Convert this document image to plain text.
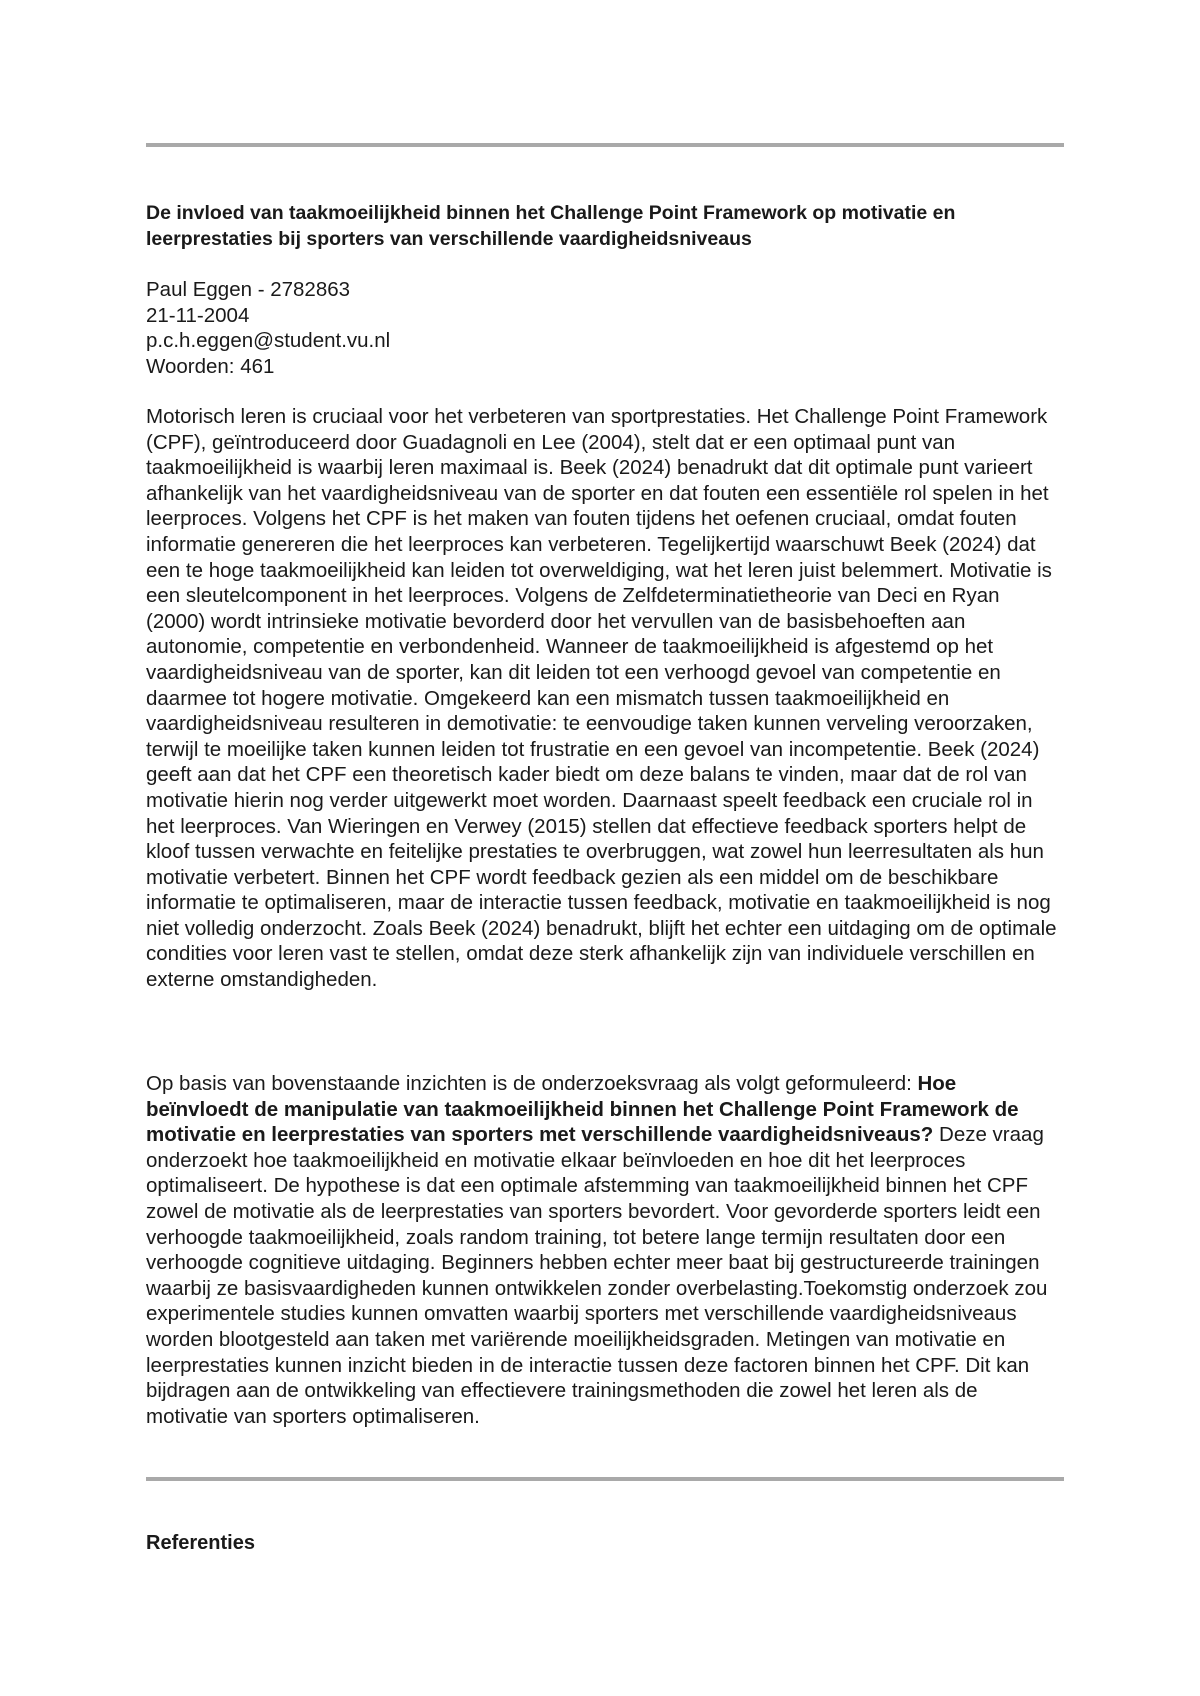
De invloed van taakmoeilijkheid binnen het Challenge Point Framework op motivatie en leerprestaties bij sporters van verschillende vaardigheidsniveaus
Paul Eggen - 2782863
21-11-2004
p.c.h.eggen@student.vu.nl
Woorden: 461

Motorisch leren is cruciaal voor het verbeteren van sportprestaties. Het Challenge Point Framework (CPF), geïntroduceerd door Guadagnoli en Lee (2004), stelt dat er een optimaal punt van taakmoeilijkheid is waarbij leren maximaal is. Beek (2024) benadrukt dat dit optimale punt varieert afhankelijk van het vaardigheidsniveau van de sporter en dat fouten een essentiële rol spelen in het leerproces. Volgens het CPF is het maken van fouten tijdens het oefenen cruciaal, omdat fouten informatie genereren die het leerproces kan verbeteren. Tegelijkertijd waarschuwt Beek (2024) dat een te hoge taakmoeilijkheid kan leiden tot overweldiging, wat het leren juist belemmert. Motivatie is een sleutelcomponent in het leerproces. Volgens de Zelfdeterminatietheorie van Deci en Ryan (2000) wordt intrinsieke motivatie bevorderd door het vervullen van de basisbehoeften aan autonomie, competentie en verbondenheid. Wanneer de taakmoeilijkheid is afgestemd op het vaardigheidsniveau van de sporter, kan dit leiden tot een verhoogd gevoel van competentie en daarmee tot hogere motivatie. Omgekeerd kan een mismatch tussen taakmoeilijkheid en vaardigheidsniveau resulteren in demotivatie: te eenvoudige taken kunnen verveling veroorzaken, terwijl te moeilijke taken kunnen leiden tot frustratie en een gevoel van incompetentie. Beek (2024) geeft aan dat het CPF een theoretisch kader biedt om deze balans te vinden, maar dat de rol van motivatie hierin nog verder uitgewerkt moet worden. Daarnaast speelt feedback een cruciale rol in het leerproces. Van Wieringen en Verwey (2015) stellen dat effectieve feedback sporters helpt de kloof tussen verwachte en feitelijke prestaties te overbruggen, wat zowel hun leerresultaten als hun motivatie verbetert. Binnen het CPF wordt feedback gezien als een middel om de beschikbare informatie te optimaliseren, maar de interactie tussen feedback, motivatie en taakmoeilijkheid is nog niet volledig onderzocht. Zoals Beek (2024) benadrukt, blijft het echter een uitdaging om de optimale condities voor leren vast te stellen, omdat deze sterk afhankelijk zijn van individuele verschillen en externe omstandigheden.

Op basis van bovenstaande inzichten is de onderzoeksvraag als volgt geformuleerd: Hoe beïnvloedt de manipulatie van taakmoeilijkheid binnen het Challenge Point Framework de motivatie en leerprestaties van sporters met verschillende vaardigheidsniveaus? Deze vraag onderzoekt hoe taakmoeilijkheid en motivatie elkaar beïnvloeden en hoe dit het leerproces optimaliseert. De hypothese is dat een optimale afstemming van taakmoeilijkheid binnen het CPF zowel de motivatie als de leerprestaties van sporters bevordert. Voor gevorderde sporters leidt een verhoogde taakmoeilijkheid, zoals random training, tot betere lange termijn resultaten door een verhoogde cognitieve uitdaging. Beginners hebben echter meer baat bij gestructureerde trainingen waarbij ze basisvaardigheden kunnen ontwikkelen zonder overbelasting.Toekomstig onderzoek zou experimentele studies kunnen omvatten waarbij sporters met verschillende vaardigheidsniveaus worden blootgesteld aan taken met variërende moeilijkheidsgraden. Metingen van motivatie en leerprestaties kunnen inzicht bieden in de interactie tussen deze factoren binnen het CPF. Dit kan bijdragen aan de ontwikkeling van effectievere trainingsmethoden die zowel het leren als de motivatie van sporters optimaliseren.

Referenties
